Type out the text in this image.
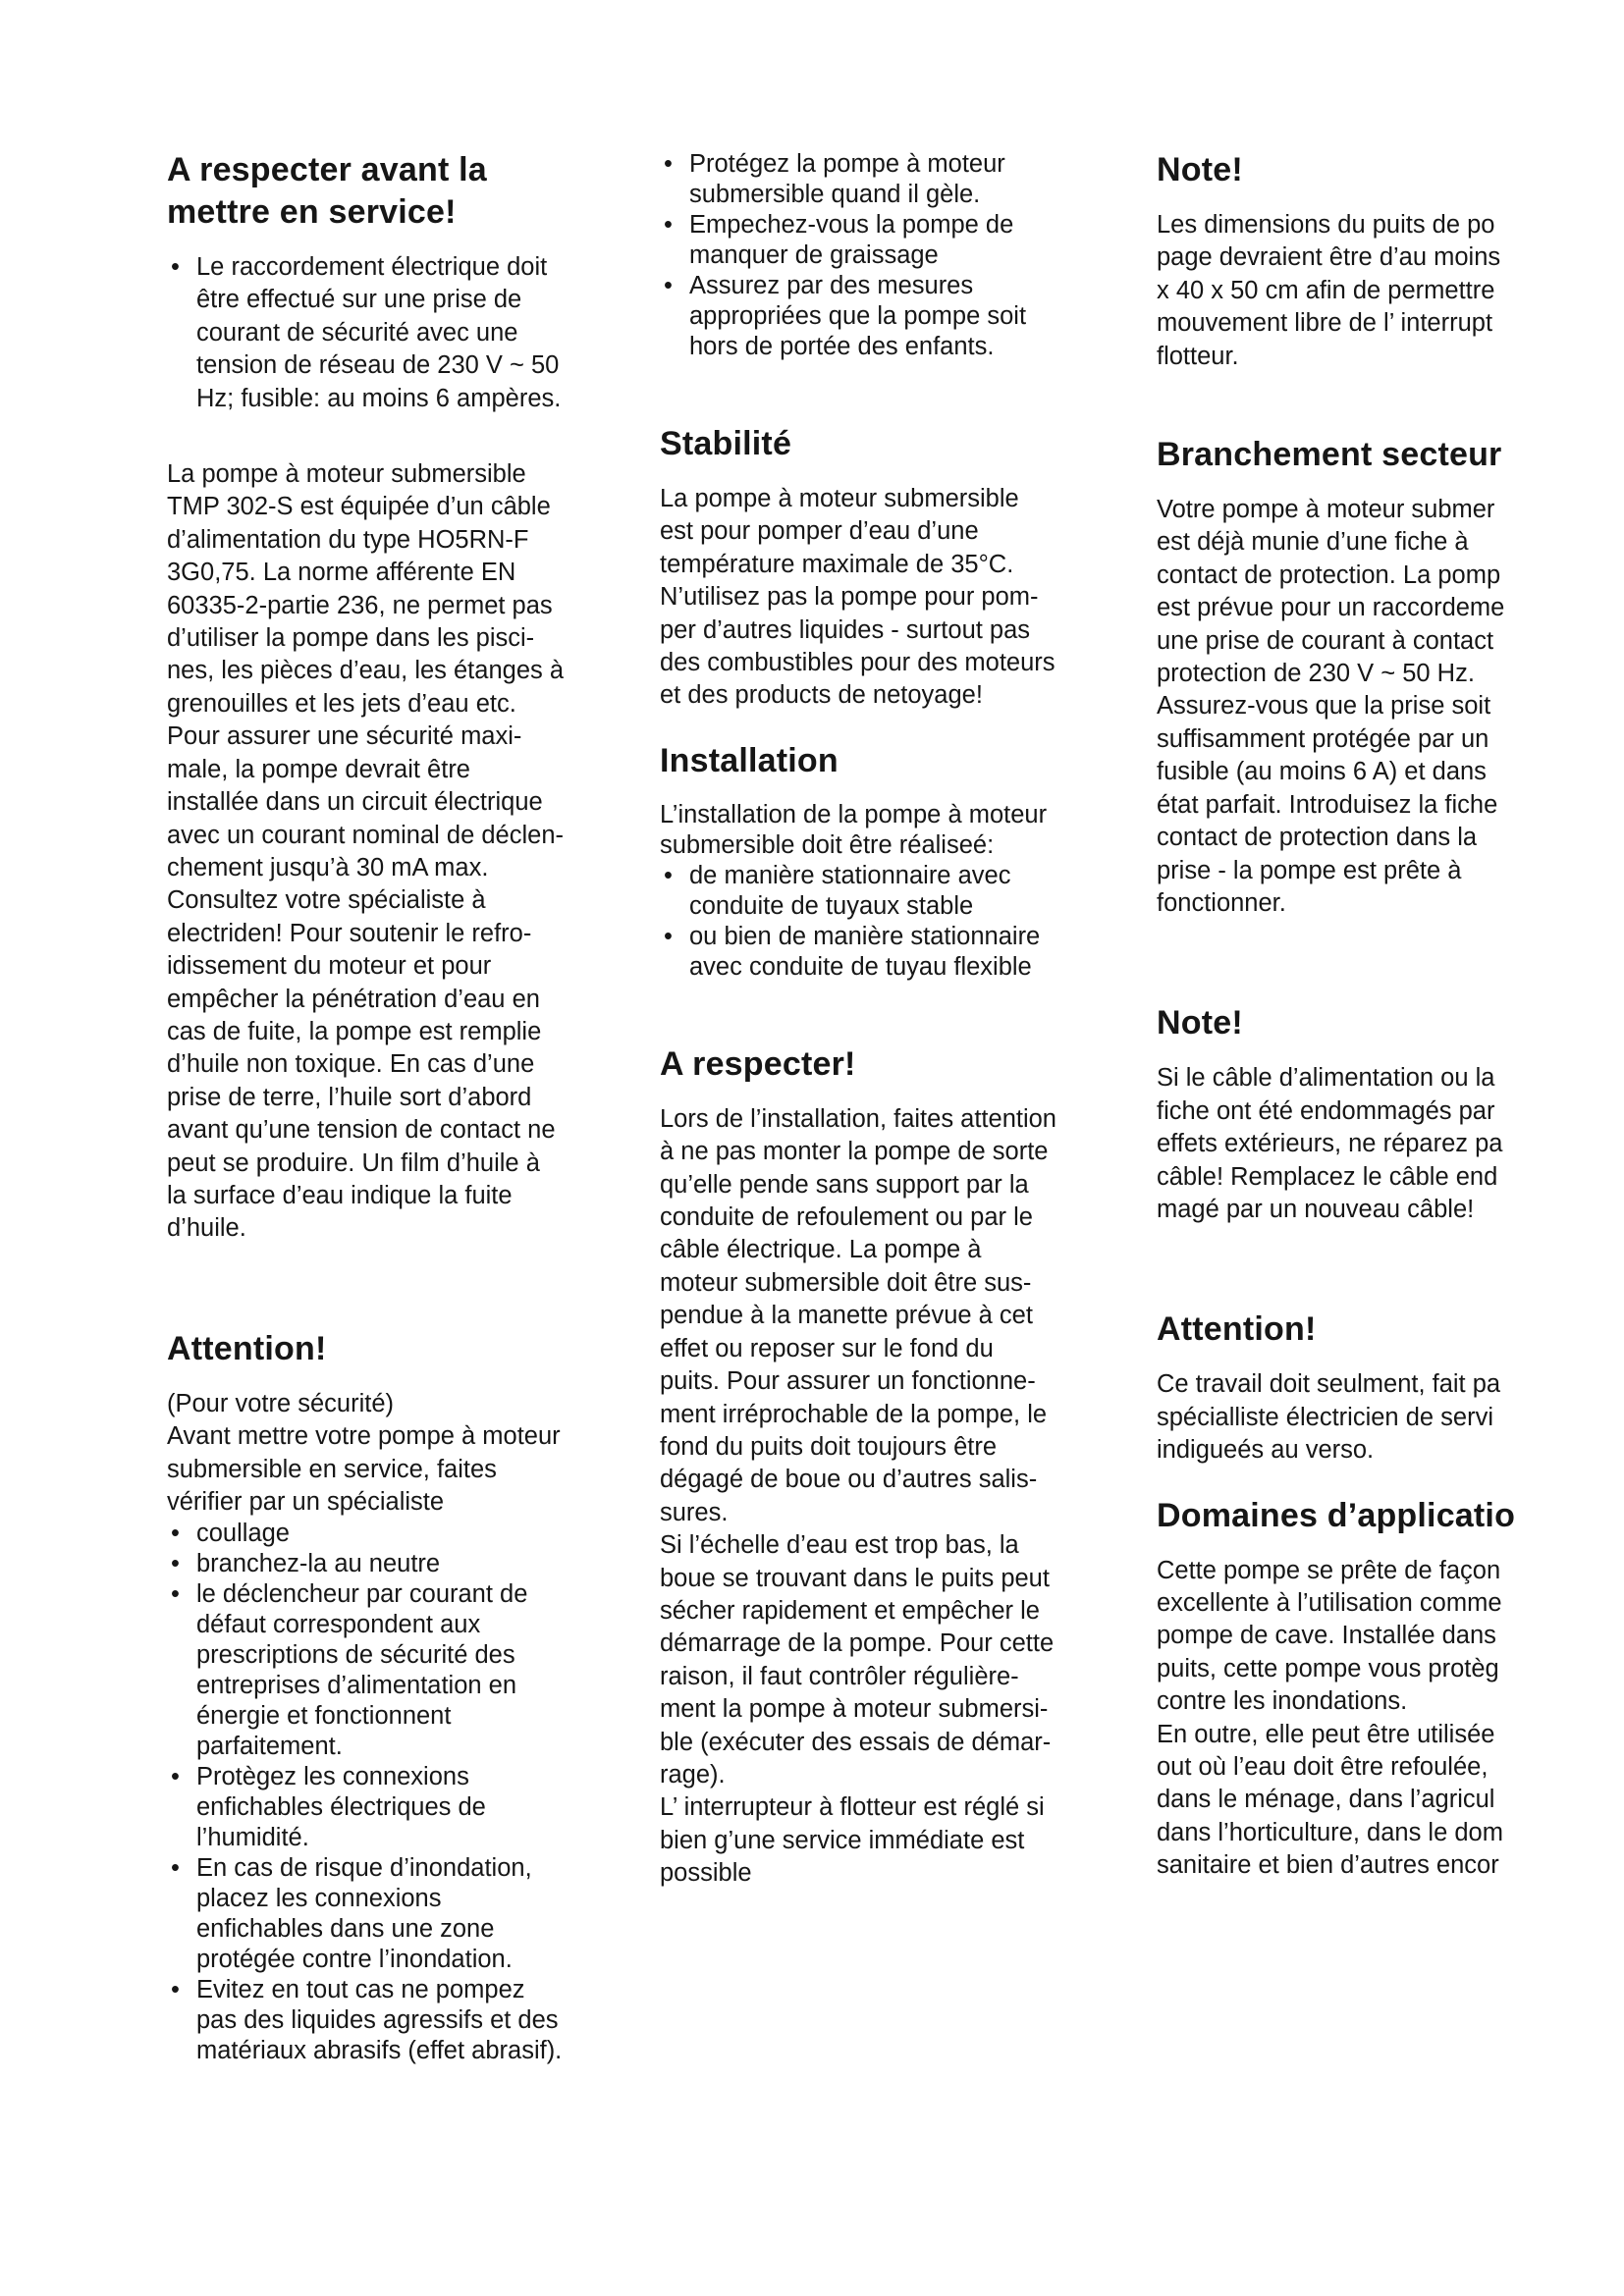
A respecter avant la
mettre en service!
• Le raccordement électrique doit
être effectué sur une prise de
courant de sécurité avec une
tension de réseau de 230 V ~ 50
Hz; fusible: au moins 6 ampères.
La pompe à moteur submersible
TMP 302-S est équipée d’un câble
d’alimentation du type HO5RN-F
3G0,75. La norme afférente EN
60335-2-partie 236, ne permet pas
d’utiliser la pompe dans les pisci-
nes, les pièces d’eau, les étanges à
grenouilles et les jets d’eau etc.
Pour assurer une sécurité maxi-
male, la pompe devrait être
installée dans un circuit électrique
avec un courant nominal de déclen-
chement jusqu’à 30 mA max.
Consultez votre spécialiste à
electriden! Pour soutenir le refro-
idissement du moteur et pour
empêcher la pénétration d’eau en
cas de fuite, la pompe est remplie
d’huile non toxique. En cas d’une
prise de terre, l’huile sort d’abord
avant qu’une tension de contact ne
peut se produire. Un film d’huile à
la surface d’eau indique la fuite
d’huile.
Attention!
(Pour votre sécurité)
Avant mettre votre pompe à moteur
submersible en service, faites
vérifier par un spécialiste
• coullage
• branchez-la au neutre
• le déclencheur par courant de
défaut correspondent aux
prescriptions de sécurité des
entreprises d’alimentation en
énergie et fonctionnent
parfaitement.
• Protègez les connexions
enfichables électriques de
l’humidité.
• En cas de risque d’inondation,
placez les connexions
enfichables dans une zone
protégée contre l’inondation.
• Evitez en tout cas ne pompez
pas des liquides agressifs et des
matériaux abrasifs (effet abrasif).
• Protégez la pompe à moteur
submersible quand il gèle.
• Empechez-vous la pompe de
manquer de graissage
• Assurez par des mesures
appropriées que la pompe soit
hors de portée des enfants.
Stabilité
La pompe à moteur submersible
est pour pomper d’eau d’une
température maximale de 35°C.
N’utilisez pas la pompe pour pom-
per d’autres liquides - surtout pas
des combustibles pour des moteurs
et des products de netoyage!
Installation
L’installation de la pompe à moteur
submersible doit être réaliseé:
• de manière stationnaire avec
conduite de tuyaux stable
• ou bien de manière stationnaire
avec conduite de tuyau flexible
A respecter!
Lors de l’installation, faites attention
à ne pas monter la pompe de sorte
qu’elle pende sans support par la
conduite de refoulement ou par le
câble électrique. La pompe à
moteur submersible doit être sus-
pendue à la manette prévue à cet
effet ou reposer sur le fond du
puits. Pour assurer un fonctionne-
ment irréprochable de la pompe, le
fond du puits doit toujours être
dégagé de boue ou d’autres salis-
sures.
Si l’échelle d’eau est trop bas, la
boue se trouvant dans le puits peut
sécher rapidement et empêcher le
démarrage de la pompe. Pour cette
raison, il faut contrôler régulière-
ment la pompe à moteur submersi-
ble (exécuter des essais de démar-
rage).
L’ interrupteur à flotteur est réglé si
bien g’une service immédiate est
possible
Note!
Les dimensions du puits de po
page devraient être d’au moins
x 40 x 50 cm afin de permettre
mouvement libre de l’ interrupt
flotteur.
Branchement secteur
Votre pompe à moteur submer
est déjà munie d’une fiche à
contact de protection. La pomp
est prévue pour un raccordeme
une prise de courant à contact
protection de 230 V ~ 50 Hz.
Assurez-vous que la prise soit
suffisamment protégée par un
fusible (au moins 6 A) et dans
état parfait. Introduisez la fiche
contact de protection dans la
prise - la pompe est prête à
fonctionner.
Note!
Si le câble d’alimentation ou la
fiche ont été endommagés par
effets extérieurs, ne réparez pa
câble! Remplacez le câble end
magé par un nouveau câble!
Attention!
Ce travail doit seulment, fait pa
spécialliste électricien de servi
indigueés au verso.
Domaines d’applicatio
Cette pompe se prête de façon
excellente à l’utilisation comme
pompe de cave. Installée dans
puits, cette pompe vous protèg
contre les inondations.
En outre, elle peut être utilisée
out où l’eau doit être refoulée,
dans le ménage, dans l’agricul
dans l’horticulture, dans le dom
sanitaire et bien d’autres encor
